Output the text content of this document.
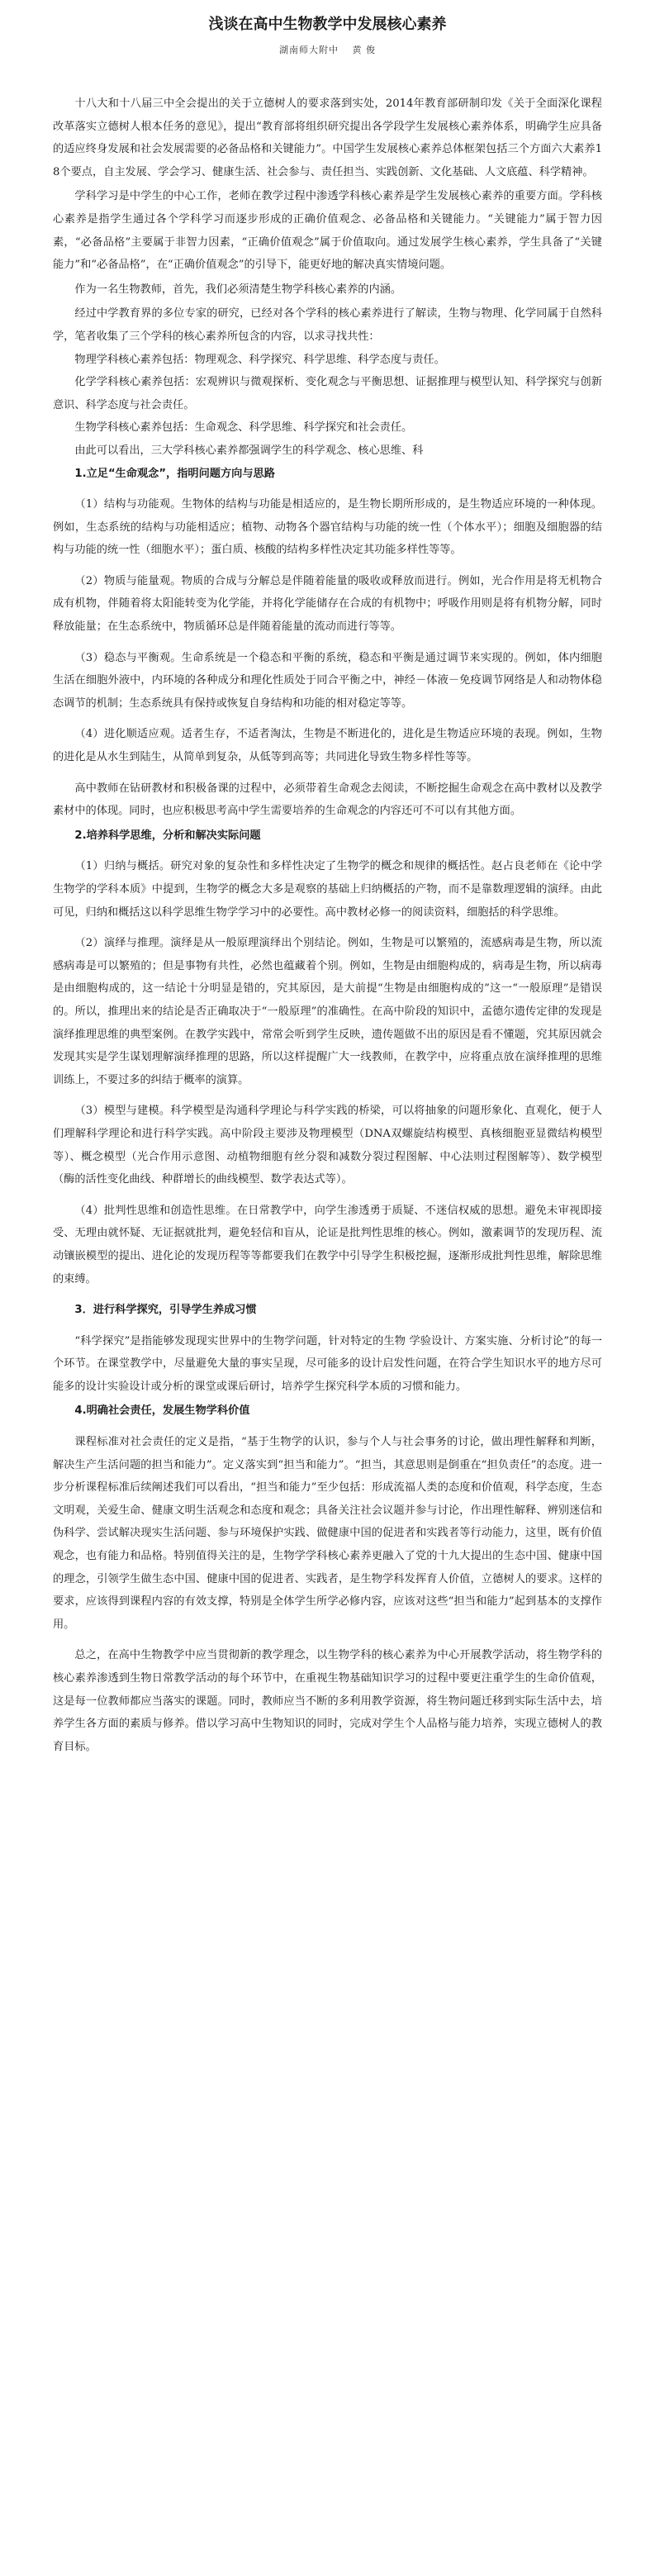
浅谈在高中生物教学中发展核心素养
湖南师大附中 黄 俊

十八大和十八届三中全会提出的关于立德树人的要求落到实处，2014年教育部研制印发《关于全面深化课程改革落实立德树人根本任务的意见》，提出“教育部将组织研究提出各学段学生发展核心素养体系，明确学生应具备的适应终身发展和社会发展需要的必备品格和关键能力”。中国学生发展核心素养总体框架包括三个方面六大素养18个要点，自主发展、学会学习、健康生活、社会参与、责任担当、实践创新、文化基础、人文底蕴、科学精神。

学科学习是中学生的中心工作，老师在教学过程中渗透学科核心素养是学生发展核心素养的重要方面。学科核心素养是指学生通过各个学科学习而逐步形成的正确价值观念、必备品格和关键能力。“关键能力”属于智力因素，“必备品格”主要属于非智力因素，“正确价值观念”属于价值取向。通过发展学生核心素养，学生具备了“关键能力”和“必备品格”，在“正确价值观念”的引导下，能更好地的解决真实情境问题。

作为一名生物教师，首先，我们必须清楚生物学科核心素养的内涵。

经过中学教育界的多位专家的研究，已经对各个学科的核心素养进行了解读，生物与物理、化学同属于自然科学，笔者收集了三个学科的核心素养所包含的内容，以求寻找共性：

物理学科核心素养包括：物理观念、科学探究、科学思维、科学态度与责任。

化学学科核心素养包括：宏观辨识与微观探析、变化观念与平衡思想、证据推理与模型认知、科学探究与创新意识、科学态度与社会责任。

生物学科核心素养包括：生命观念、科学思维、科学探究和社会责任。

由此可以看出，三大学科核心素养都强调学生的科学观念、核心思维、科

1.立足“生命观念”，指明问题方向与思路

（1）结构与功能观。生物体的结构与功能是相适应的，是生物长期所形成的，是生物适应环境的一种体现。例如，生态系统的结构与功能相适应；植物、动物各个器官结构与功能的统一性（个体水平）；细胞及细胞器的结构与功能的统一性（细胞水平）；蛋白质、核酸的结构多样性决定其功能多样性等等。

（2）物质与能量观。物质的合成与分解总是伴随着能量的吸收或释放而进行。例如，光合作用是将无机物合成有机物，伴随着将太阳能转变为化学能，并将化学能储存在合成的有机物中；呼吸作用则是将有机物分解，同时释放能量；在生态系统中，物质循环总是伴随着能量的流动而进行等等。

（3）稳态与平衡观。生命系统是一个稳态和平衡的系统，稳态和平衡是通过调节来实现的。例如，体内细胞生活在细胞外液中，内环境的各种成分和理化性质处于同合平衡之中，神经－体液－免疫调节网络是人和动物体稳态调节的机制；生态系统具有保持或恢复自身结构和功能的相对稳定等等。

（4）进化顺适应观。适者生存，不适者淘汰，生物是不断进化的，进化是生物适应环境的表现。例如，生物的进化是从水生到陆生，从简单到复杂，从低等到高等；共同进化导致生物多样性等等。

高中教师在钻研教材和积极备课的过程中，必须带着生命观念去阅读，不断挖掘生命观念在高中教材以及教学素材中的体现。同时，也应积极思考高中学生需要培养的生命观念的内容还可不可以有其他方面。

2.培养科学思维，分析和解决实际问题

（1）归纳与概括。研究对象的复杂性和多样性决定了生物学的概念和规律的概括性。赵占良老师在《论中学生物学的学科本质》中提到，生物学的概念大多是观察的基础上归纳概括的产物，而不是靠数理逻辑的演绎。由此可见，归纳和概括这以科学思维生物学学习中的必要性。高中教材必修一的阅读资料，细胞括的科学思维。

（2）演绎与推理。演绎是从一般原理演绎出个别结论。例如，生物是可以繁殖的，流感病毒是生物，所以流感病毒是可以繁殖的；但是事物有共性，必然也蕴藏着个别。例如，生物是由细胞构成的，病毒是生物，所以病毒是由细胞构成的，这一结论十分明显是错的，究其原因，是大前提“生物是由细胞构成的”这一“一般原理”是错误的。所以，推理出来的结论是否正确取决于“一般原理”的准确性。在高中阶段的知识中，孟德尔遗传定律的发现是演绎推理思维的典型案例。在教学实践中，常常会听到学生反映，遗传题做不出的原因是看不懂题，究其原因就会发现其实是学生谋划理解演绎推理的思路，所以这样提醒广大一线教师，在教学中，应将重点放在演绎推理的思维训练上，不要过多的纠结于概率的演算。

（3）模型与建模。科学模型是沟通科学理论与科学实践的桥梁，可以将抽象的问题形象化、直观化，便于人们理解科学理论和进行科学实践。高中阶段主要涉及物理模型（DNA双螺旋结构模型、真核细胞亚显微结构模型等）、概念模型（光合作用示意图、动植物细胞有丝分裂和减数分裂过程图解、中心法则过程图解等）、数学模型（酶的活性变化曲线、种群增长的曲线模型、数学表达式等）。

（4）批判性思维和创造性思维。在日常教学中，向学生渗透勇于质疑、不迷信权威的思想。避免未审视即接受、无理由就怀疑、无证据就批判，避免轻信和盲从，论证是批判性思维的核心。例如，激素调节的发现历程、流动镶嵌模型的提出、进化论的发现历程等等都要我们在教学中引导学生积极挖掘，逐渐形成批判性思维，解除思维的束缚。

3．进行科学探究，引导学生养成习惯

“科学探究”是指能够发现现实世界中的生物学问题，针对特定的生物 学验设计、方案实施、分析讨论”的每一个环节。在课堂教学中，尽量避免大量的事实呈现，尽可能多的设计启发性问题，在符合学生知识水平的地方尽可能多的设计实验设计或分析的课堂或课后研讨，培养学生探究科学本质的习惯和能力。

4.明确社会责任，发展生物学科价值

课程标准对社会责任的定义是指，“基于生物学的认识，参与个人与社会事务的讨论，做出理性解释和判断，解决生产生活问题的担当和能力”。定义落实到“担当和能力”。“担当，其意思则是倒重在“担负责任”的态度。进一步分析课程标准后续阐述我们可以看出，“担当和能力”至少包括：形成流福人类的态度和价值观，科学态度，生态文明观，关爱生命、健康文明生活观念和态度和观念；具备关注社会议题并参与讨论，作出理性解释、辨别迷信和伪科学、尝试解决现实生活问题、参与环境保护实践、做健康中国的促进者和实践者等行动能力，这里，既有价值观念，也有能力和品格。特别值得关注的是，生物学学科核心素养更融入了党的十九大提出的生态中国、健康中国的理念，引领学生做生态中国、健康中国的促进者、实践者，是生物学科发挥育人价值，立德树人的要求。这样的要求，应该得到课程内容的有效支撑，特别是全体学生所学必修内容，应该对这些“担当和能力”起到基本的支撑作用。

总之，在高中生物教学中应当贯彻新的教学理念，以生物学科的核心素养为中心开展教学活动，将生物学科的核心素养渗透到生物日常教学活动的每个环节中，在重视生物基础知识学习的过程中要更注重学生的生命价值观，这是每一位教师都应当落实的课题。同时，教师应当不断的多利用教学资源，将生物问题迁移到实际生活中去，培养学生各方面的素质与修养。借以学习高中生物知识的同时，完成对学生个人品格与能力培养，实现立德树人的教育目标。
